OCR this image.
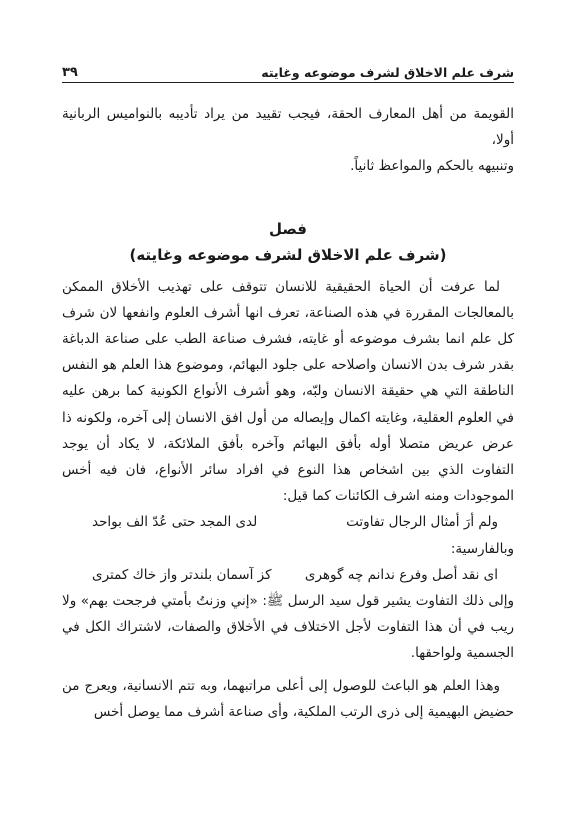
شرف علم الاخلاق لشرف موضوعه وغايته
٣٩

القويمة من أهل المعارف الحقة، فيجب تقييد من يراد تأديبه بالنواميس الربانية أولا،

وتنبيهه بالحكم والمواعظ ثانياً.

فصل
(شرف علم الاخلاق لشرف موضوعه وغايته)

لما عرفت أن الحياة الحقيقية للانسان تتوقف على تهذيب الأخلاق الممكن بالمعالجات المقررة في هذه الصناعة، تعرف انها أشرف العلوم وانفعها لان شرف كل علم انما بشرف موضوعه أو غايته، فشرف صناعة الطب على صناعة الدباغة بقدر شرف بدن الانسان واصلاحه على جلود البهائم، وموضوع هذا العلم هو النفس الناطقة التي هي حقيقة الانسان ولبّه، وهو أشرف الأنواع الكونية كما برهن عليه في العلوم العقلية، وغايته اكمال وإيصاله من أول افق الانسان إلى آخره، ولكونه ذا عرض عريض متصلا أوله بأفق البهائم وآخره بأفق الملائكة، لا يكاد أن يوجد التفاوت الذي بين اشخاص هذا النوع في افراد سائر الأنواع، فان فيه أخس الموجودات ومنه اشرف الكائنات كما قيل:

ولم أرَ أمثال الرجال تفاوتت
لدى المجد حتى عُدّ الف بواحد

وبالفارسية:

اى نقد أصل وفرع ندانم چه گوهرى
كز آسمان بلندتر واز خاك كمترى

وإلى ذلك التفاوت يشير قول سيد الرسل ﷺ: «إني وزنتُ بأمتي فرجحت بهم» ولا ريب في أن هذا التفاوت لأجل الاختلاف في الأخلاق والصفات، لاشتراك الكل في الجسمية ولواحقها.

وهذا العلم هو الباعث للوصول إلى أعلى مراتبهما، وبه تتم الانسانية، ويعرج من حضيض البهيمية إلى ذرى الرتب الملكية، وأى صناعة أشرف مما يوصل أخس
